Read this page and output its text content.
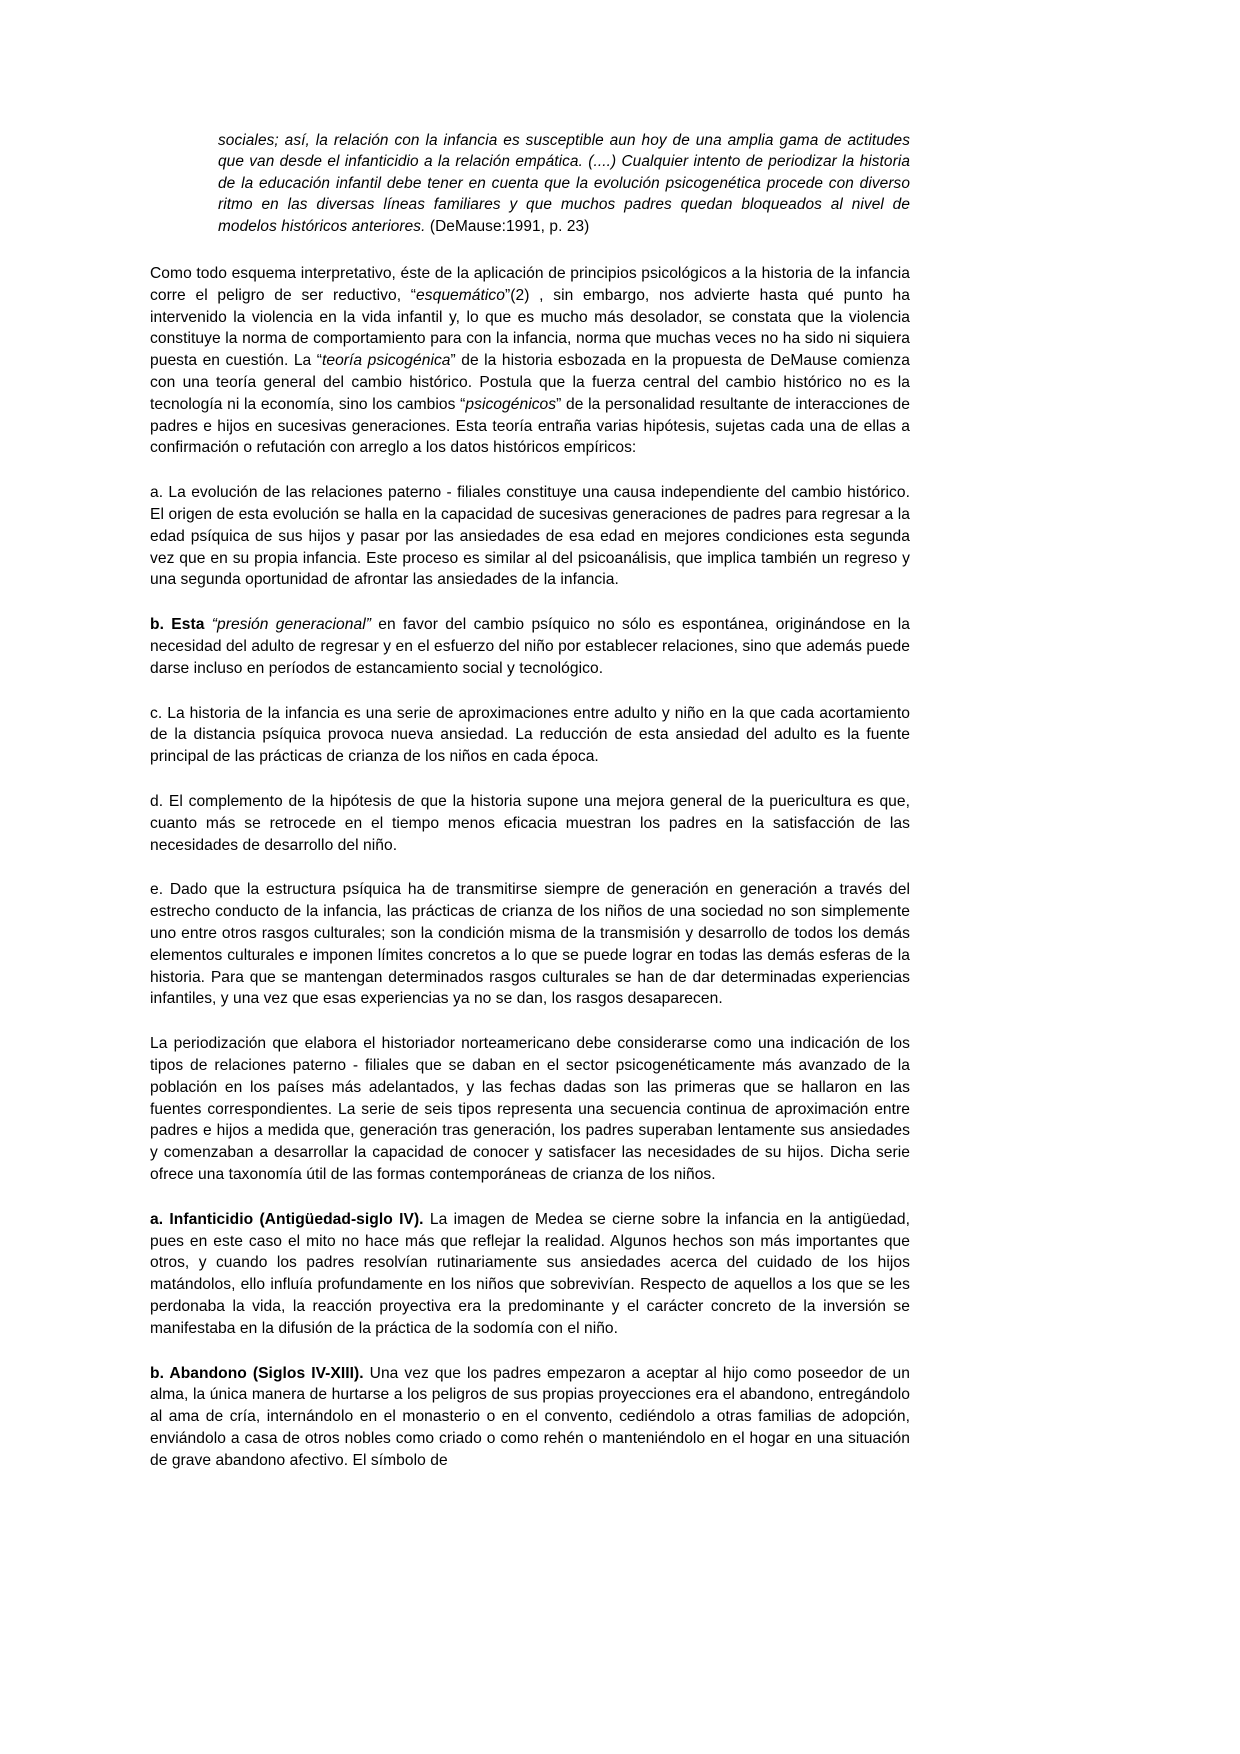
sociales; así, la relación con la infancia es susceptible aun hoy de una amplia gama de actitudes que van desde el infanticidio a la relación empática. (....) Cualquier intento de periodizar la historia de la educación infantil debe tener en cuenta que la evolución psicogenética procede con diverso ritmo en las diversas líneas familiares y que muchos padres quedan bloqueados al nivel de modelos históricos anteriores. (DeMause:1991, p. 23)

Como todo esquema interpretativo, éste de la aplicación de principios psicológicos a la historia de la infancia corre el peligro de ser reductivo, “esquemático”(2) , sin embargo, nos advierte hasta qué punto ha intervenido la violencia en la vida infantil y, lo que es mucho más desolador, se constata que la violencia constituye la norma de comportamiento para con la infancia, norma que muchas veces no ha sido ni siquiera puesta en cuestión. La “teoría psicogénica” de la historia esbozada en la propuesta de DeMause comienza con una teoría general del cambio histórico. Postula que la fuerza central del cambio histórico no es la tecnología ni la economía, sino los cambios “psicogénicos” de la personalidad resultante de interacciones de padres e hijos en sucesivas generaciones. Esta teoría entraña varias hipótesis, sujetas cada una de ellas a confirmación o refutación con arreglo a los datos históricos empíricos:

a. La evolución de las relaciones paterno - filiales constituye una causa independiente del cambio histórico. El origen de esta evolución se halla en la capacidad de sucesivas generaciones de padres para regresar a la edad psíquica de sus hijos y pasar por las ansiedades de esa edad en mejores condiciones esta segunda vez que en su propia infancia. Este proceso es similar al del psicoanálisis, que implica también un regreso y una segunda oportunidad de afrontar las ansiedades de la infancia.

b. Esta “presión generacional” en favor del cambio psíquico no sólo es espontánea, originándose en la necesidad del adulto de regresar y en el esfuerzo del niño por establecer relaciones, sino que además puede darse incluso en períodos de estancamiento social y tecnológico.

c. La historia de la infancia es una serie de aproximaciones entre adulto y niño en la que cada acortamiento de la distancia psíquica provoca nueva ansiedad. La reducción de esta ansiedad del adulto es la fuente principal de las prácticas de crianza de los niños en cada época.

d. El complemento de la hipótesis de que la historia supone una mejora general de la puericultura es que, cuanto más se retrocede en el tiempo menos eficacia muestran los padres en la satisfacción de las necesidades de desarrollo del niño.

e. Dado que la estructura psíquica ha de transmitirse siempre de generación en generación a través del estrecho conducto de la infancia, las prácticas de crianza de los niños de una sociedad no son simplemente uno entre otros rasgos culturales; son la condición misma de la transmisión y desarrollo de todos los demás elementos culturales e imponen límites concretos a lo que se puede lograr en todas las demás esferas de la historia. Para que se mantengan determinados rasgos culturales se han de dar determinadas experiencias infantiles, y una vez que esas experiencias ya no se dan, los rasgos desaparecen.

La periodización que elabora el historiador norteamericano debe considerarse como una indicación de los tipos de relaciones paterno - filiales que se daban en el sector psicogenéticamente más avanzado de la población en los países más adelantados, y las fechas dadas son las primeras que se hallaron en las fuentes correspondientes. La serie de seis tipos representa una secuencia continua de aproximación entre padres e hijos a medida que, generación tras generación, los padres superaban lentamente sus ansiedades y comenzaban a desarrollar la capacidad de conocer y satisfacer las necesidades de su hijos. Dicha serie ofrece una taxonomía útil de las formas contemporáneas de crianza de los niños.

a. Infanticidio (Antigüedad-siglo IV). La imagen de Medea se cierne sobre la infancia en la antigüedad, pues en este caso el mito no hace más que reflejar la realidad. Algunos hechos son más importantes que otros, y cuando los padres resolvían rutinariamente sus ansiedades acerca del cuidado de los hijos matándolos, ello influía profundamente en los niños que sobrevivían. Respecto de aquellos a los que se les perdonaba la vida, la reacción proyectiva era la predominante y el carácter concreto de la inversión se manifestaba en la difusión de la práctica de la sodomía con el niño.

b. Abandono (Siglos IV-XIII). Una vez que los padres empezaron a aceptar al hijo como poseedor de un alma, la única manera de hurtarse a los peligros de sus propias proyecciones era el abandono, entregándolo al ama de cría, internándolo en el monasterio o en el convento, cediéndolo a otras familias de adopción, enviándolo a casa de otros nobles como criado o como rehén o manteniéndolo en el hogar en una situación de grave abandono afectivo. El símbolo de
